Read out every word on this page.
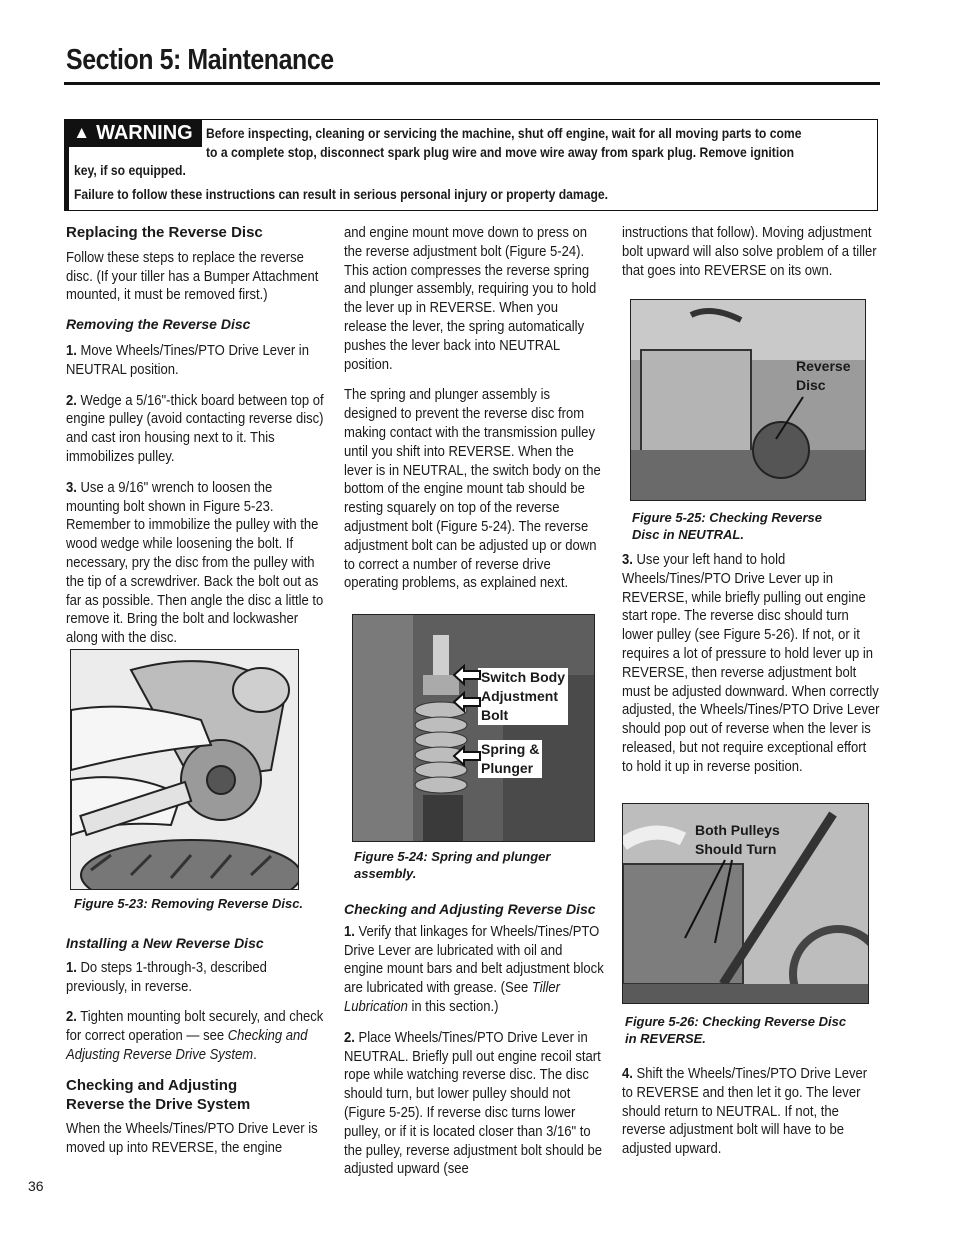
Section 5: Maintenance
▲ WARNING Before inspecting, cleaning or servicing the machine, shut off engine, wait for all moving parts to come
to a complete stop, disconnect spark plug wire and move wire away from spark plug. Remove ignition
key, if so equipped.
Failure to follow these instructions can result in serious personal injury or property damage.
Replacing the Reverse Disc

Follow these steps to replace the reverse disc. (If your tiller has a Bumper Attachment mounted, it must be removed first.)

Removing the Reverse Disc

1. Move Wheels/Tines/PTO Drive Lever in NEUTRAL position.

2. Wedge a 5/16"-thick board between top of engine pulley (avoid contacting reverse disc) and cast iron housing next to it. This immobilizes pulley.

3. Use a 9/16" wrench to loosen the mounting bolt shown in Figure 5-23. Remember to immobilize the pulley with the wood wedge while loosening the bolt. If necessary, pry the disc from the pulley with the tip of a screwdriver. Back the bolt out as far as possible. Then angle the disc a little to remove it. Bring the bolt and lockwasher along with the disc.

Figure 5-23: Removing Reverse Disc.
Installing a New Reverse Disc

1. Do steps 1-through-3, described previously, in reverse.

2. Tighten mounting bolt securely, and check for correct operation — see Checking and Adjusting Reverse Drive System.

Checking and Adjusting
Reverse the Drive System

When the Wheels/Tines/PTO Drive Lever is moved up into REVERSE, the engine

and engine mount move down to press on the reverse adjustment bolt (Figure 5-24). This action compresses the reverse spring and plunger assembly, requiring you to hold the lever up in REVERSE. When you release the lever, the spring automatically pushes the lever back into NEUTRAL position.

The spring and plunger assembly is designed to prevent the reverse disc from making contact with the transmission pulley until you shift into REVERSE. When the lever is in NEUTRAL, the switch body on the bottom of the engine mount tab should be resting squarely on top of the reverse adjustment bolt (Figure 5-24). The reverse adjustment bolt can be adjusted up or down to correct a number of reverse drive operating problems, as explained next.

Switch Body
Adjustment
Bolt
Spring &
Plunger
Figure 5-24: Spring and plunger
assembly.
Checking and Adjusting Reverse Disc

1. Verify that linkages for Wheels/Tines/PTO Drive Lever are lubricated with oil and engine mount bars and belt adjustment block are lubricated with grease. (See Tiller Lubrication in this section.)

2. Place Wheels/Tines/PTO Drive Lever in NEUTRAL. Briefly pull out engine recoil start rope while watching reverse disc. The disc should turn, but lower pulley should not (Figure 5-25). If reverse disc turns lower pulley, or if it is located closer than 3/16" to the pulley, reverse adjustment bolt should be adjusted upward (see

instructions that follow). Moving adjustment bolt upward will also solve problem of a tiller that goes into REVERSE on its own.

Reverse
Disc
Figure 5-25: Checking Reverse
Disc in NEUTRAL.

3. Use your left hand to hold Wheels/Tines/PTO Drive Lever up in REVERSE, while briefly pulling out engine start rope. The reverse disc should turn lower pulley (see Figure 5-26). If not, or it requires a lot of pressure to hold lever up in REVERSE, then reverse adjustment bolt must be adjusted downward. When correctly adjusted, the Wheels/Tines/PTO Drive Lever should pop out of reverse when the lever is released, but not require exceptional effort to hold it up in reverse position.

Both Pulleys
Should Turn
Figure 5-26: Checking Reverse Disc
in REVERSE.

4. Shift the Wheels/Tines/PTO Drive Lever to REVERSE and then let it go. The lever should return to NEUTRAL. If not, the reverse adjustment bolt will have to be adjusted upward.

36
